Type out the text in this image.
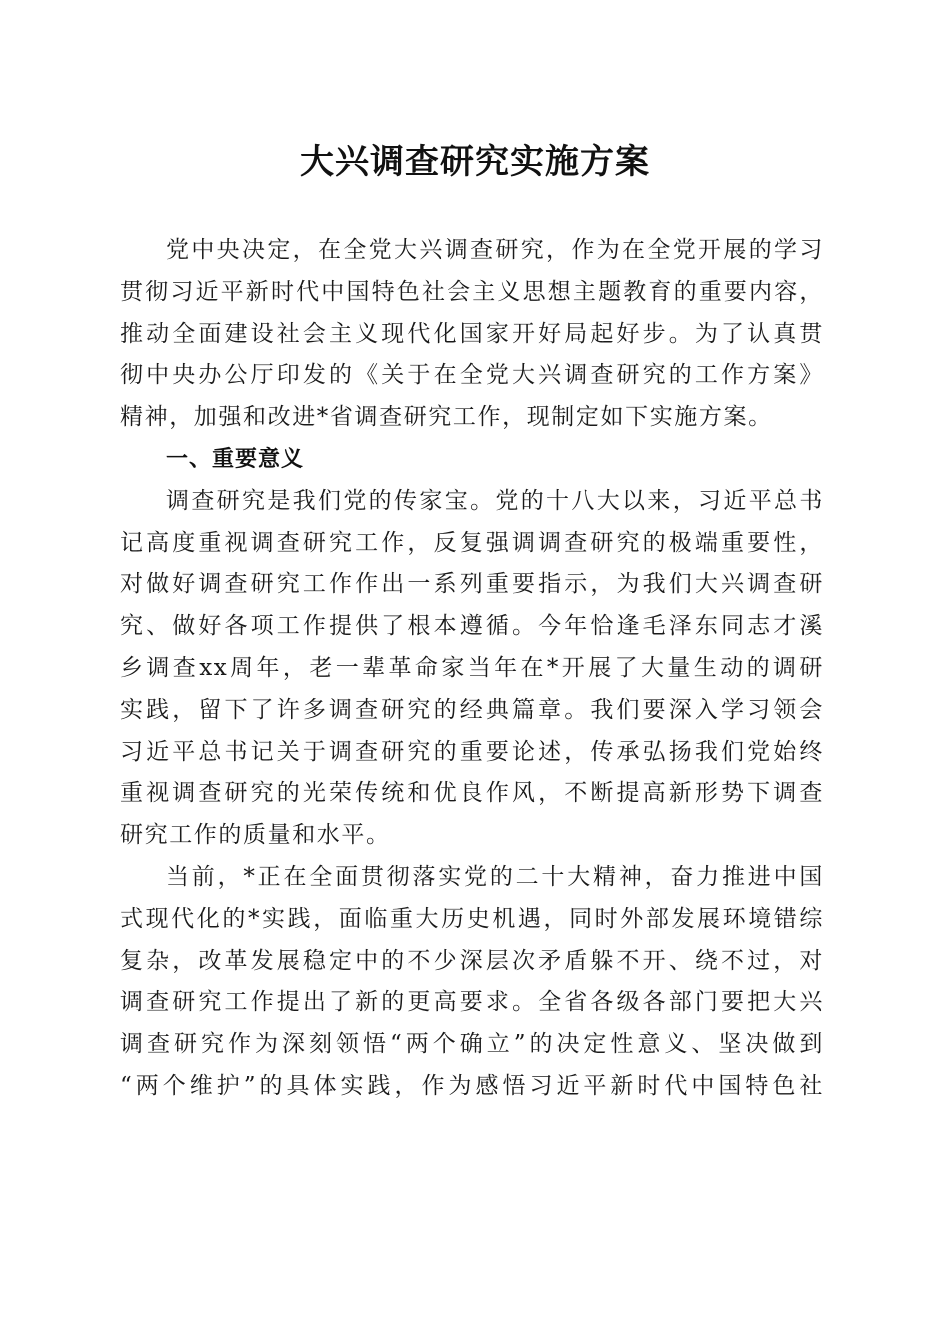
大兴调查研究实施方案
党中央决定，在全党大兴调查研究，作为在全党开展的学习
贯彻习近平新时代中国特色社会主义思想主题教育的重要内容，
推动全面建设社会主义现代化国家开好局起好步。为了认真贯
彻中央办公厅印发的《关于在全党大兴调查研究的工作方案》
精神，加强和改进*省调查研究工作，现制定如下实施方案。
一、重要意义
调查研究是我们党的传家宝。党的十八大以来，习近平总书
记高度重视调查研究工作，反复强调调查研究的极端重要性，
对做好调查研究工作作出一系列重要指示，为我们大兴调查研
究、做好各项工作提供了根本遵循。今年恰逢毛泽东同志才溪
乡调查xx周年，老一辈革命家当年在*开展了大量生动的调研
实践，留下了许多调查研究的经典篇章。我们要深入学习领会
习近平总书记关于调查研究的重要论述，传承弘扬我们党始终
重视调查研究的光荣传统和优良作风，不断提高新形势下调查
研究工作的质量和水平。
当前，*正在全面贯彻落实党的二十大精神，奋力推进中国
式现代化的*实践，面临重大历史机遇，同时外部发展环境错综
复杂，改革发展稳定中的不少深层次矛盾躲不开、绕不过，对
调查研究工作提出了新的更高要求。全省各级各部门要把大兴
调查研究作为深刻领悟“两个确立”的决定性意义、坚决做到
“两个维护”的具体实践，作为感悟习近平新时代中国特色社
